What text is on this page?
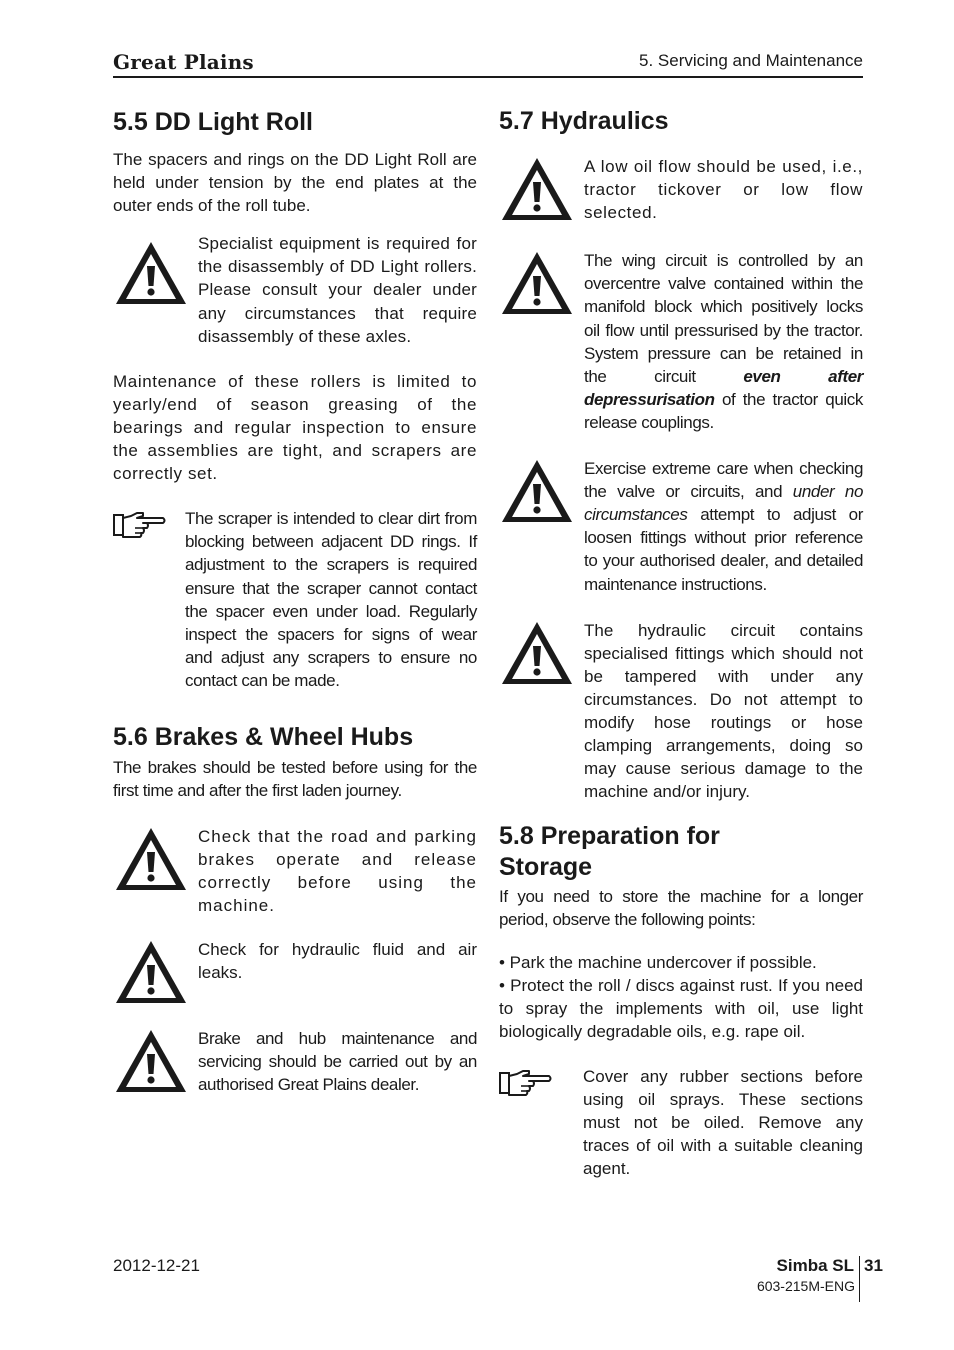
Great Plains	5. Servicing and Maintenance
5.5 DD Light Roll

The spacers and rings on the DD Light Roll are held under tension by the end plates at the outer ends of the roll tube.

Specialist equipment is required for the disassembly of DD Light rollers. Please consult your dealer under any circumstances that require disassembly of these axles.

Maintenance of these rollers is limited to yearly/end of season greasing of the bearings and regular inspection to ensure the assemblies are tight, and scrapers are correctly set.

The scraper is intended to clear dirt from blocking between adjacent DD rings. If adjustment to the scrapers is required ensure that the scraper cannot contact the spacer even under load. Regularly inspect the spacers for signs of wear and adjust any scrapers to ensure no contact can be made.

5.6 Brakes & Wheel Hubs

The brakes should be tested before using for the first time and after the first laden journey.

Check that the road and parking brakes operate and release correctly before using the machine.

Check for hydraulic fluid and air leaks.

Brake and hub maintenance and servicing should be carried out by an authorised Great Plains dealer.

5.7 Hydraulics

A low oil flow should be used, i.e., tractor tickover or low flow selected.

The wing circuit is controlled by an overcentre valve contained within the manifold block which positively locks oil flow until pressurised by the tractor. System pressure can be retained in the circuit even after depressurisation of the tractor quick release couplings.

Exercise extreme care when checking the valve or circuits, and under no circumstances attempt to adjust or loosen fittings without prior reference to your authorised dealer, and detailed maintenance instructions.

The hydraulic circuit contains specialised fittings which should not be tampered with under any circumstances. Do not attempt to modify hose routings or hose clamping arrangements, doing so may cause serious damage to the machine and/or injury.

5.8 Preparation for
Storage

If you need to store the machine for a longer period, observe the following points:

• Park the machine undercover if possible.

• Protect the roll / discs against rust. If you need to spray the implements with oil, use light biologically degradable oils, e.g. rape oil.

Cover any rubber sections before using oil sprays. These sections must not be oiled. Remove any traces of oil with a suitable cleaning agent.

2012-12-21	Simba SL 31
603-215M-ENG
